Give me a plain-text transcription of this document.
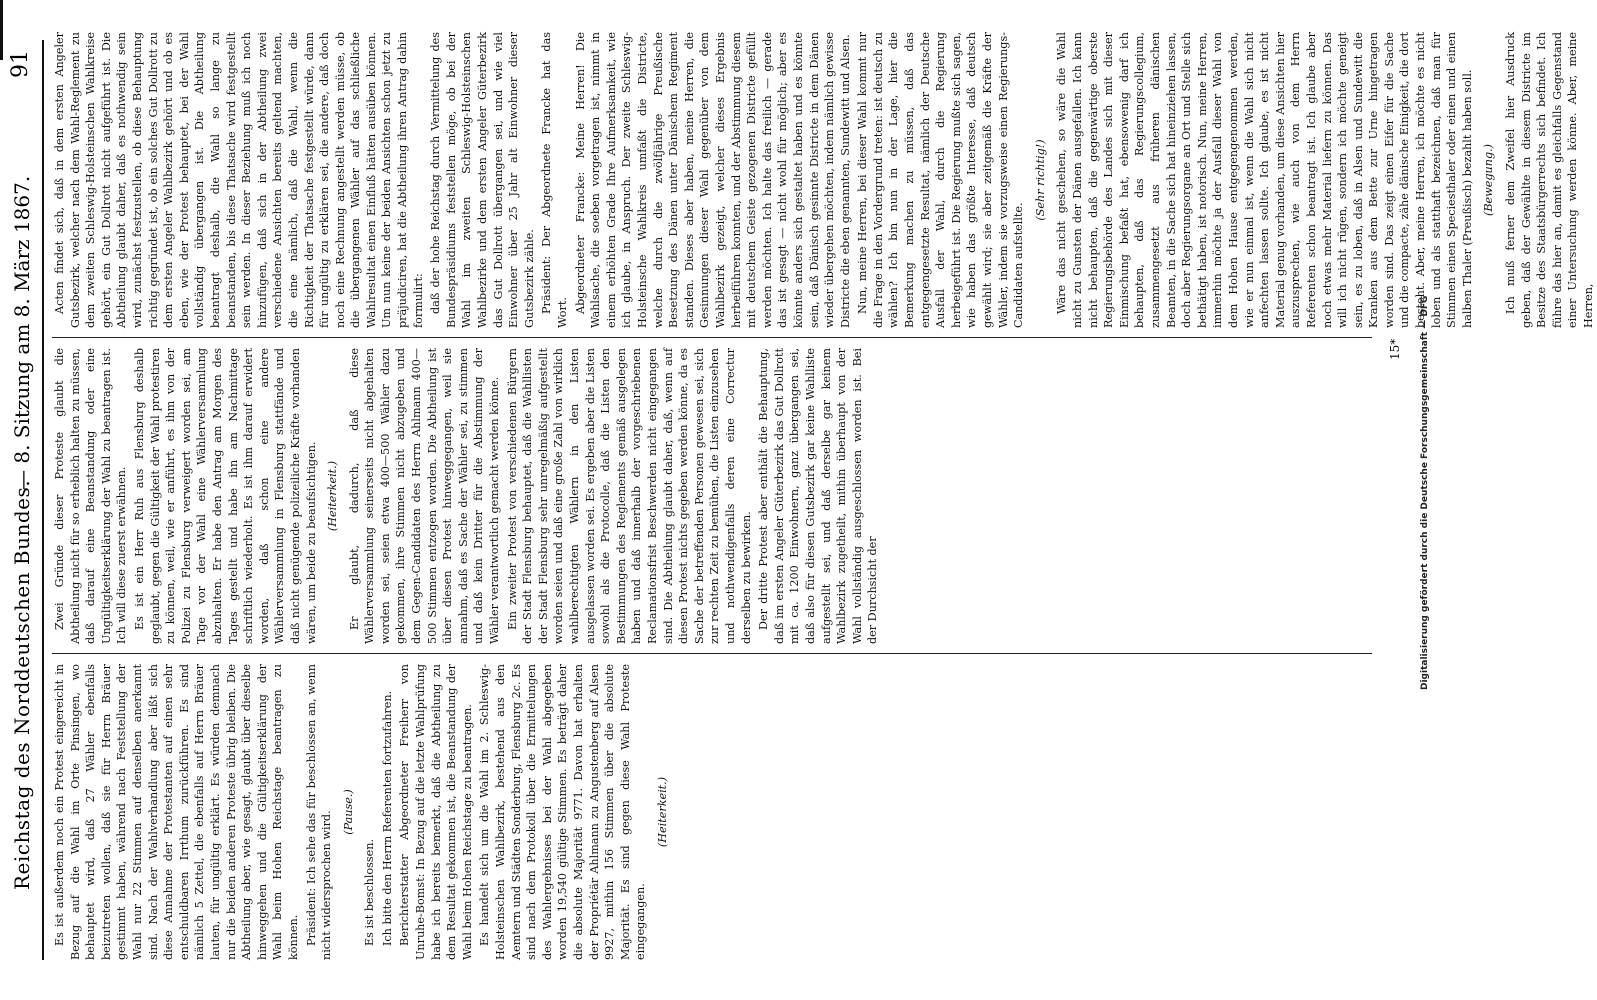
Reichstag des Norddeutschen Bundes.
— 8. Sitzung am 8. März 1867.
91

Es ist außerdem noch ein Protest eingereicht in Bezug auf die Wahl im Orte Pinsingen, wo behauptet wird, daß 27 Wähler ebenfalls beizutreten wollen, daß sie für Herrn Bräuer gestimmt haben, während nach Feststellung der Wahl nur 22 Stimmen auf denselben anerkannt sind. Nach der Wahlverhandlung aber läßt sich diese Annahme der Protestanten auf einen sehr entschuldbaren Irrthum zurückführen. Es sind nämlich 5 Zettel, die ebenfalls auf Herrn Bräuer lauten, für ungültig erklärt. Es würden demnach nur die beiden anderen Proteste übrig bleiben. Die Abtheilung aber, wie gesagt, glaubt über dieselbe hinweggehen und die Gültigkeitserklärung der Wahl beim Hohen Reichstage beantragen zu können. Präsident: Ich sehe das für beschlossen an, wenn nicht widersprochen wird. (Pause.)

Es ist beschlossen. Ich bitte den Herrn Referenten fortzufahren. Berichterstatter Abgeordneter Freiherr von Unruhe-Bomst: In Bezug auf die letzte Wahlprüfung habe ich bereits bemerkt, daß die Abtheilung zu dem Resultat gekommen ist, die Beanstandung der Wahl beim Hohen Reichstage zu beantragen. Es handelt sich um die Wahl im 2. Schleswig-Holsteinschen Wahlbezirk, bestehend aus den Aemtern und Städten Sonderburg, Flensburg 2c. Es sind nach dem Protokoll über die Ermittelungen des Wahlergebnisses bei der Wahl abgegeben worden 19,540 gültige Stimmen. Es beträgt daher die absolute Majorität 9771. Davon hat erhalten der Propriétär Ahlmann zu Angustenberg auf Alsen 9927, mithin 156 Stimmen über die absolute Majorität. Es sind gegen diese Wahl Proteste eingegangen.

(Heiterkeit.)

Zwei Gründe dieser Proteste glaubt die Abtheilung nicht für so erheblich halten zu müssen, daß darauf eine Beanstandung oder eine Ungültigkeitserklärung der Wahl zu beantragen ist. Ich will diese zuerst erwähnen. Es ist ein Herr Ruh aus Flensburg deshalb geglaubt, gegen die Gültigkeit der Wahl protestiren zu können, weil, wie er anführt, es ihm von der Polizei zu Flensburg verweigert worden sei, am Tage vor der Wahl eine Wählerversammlung abzuhalten. Er habe den Antrag am Morgen des Tages gestellt und habe ihn am Nachmittage schriftlich wiederholt. Es ist ihm darauf erwidert worden, daß schon eine andere Wählerversammlung in Flensburg stattfände und daß nicht genügende polizeiliche Kräfte vorhanden wären, um beide zu beaufsichtigen. (Heiterkeit.) Er glaubt, dadurch, daß diese Wählerversammlung seinerseits nicht abgehalten worden sei, seien etwa 400—500 Wähler dazu gekommen, ihre Stimmen nicht abzugeben und dem Gegen-Candidaten des Herrn Ahlmann 400—500 Stimmen entzogen worden. Die Abtheilung ist über diesen Protest hinweggegangen, weil sie annahm, daß es Sache der Wähler sei, zu stimmen und daß kein Dritter für die Abstimmung der Wähler verantwortlich gemacht werden könne. Ein zweiter Protest von verschiedenen Bürgern der Stadt Flensburg behauptet, daß die Wahllisten der Stadt Flensburg sehr unregelmäßig aufgestellt worden seien und daß eine große Zahl von wirklich wahlberechtigten Wählern in den Listen ausgelassen worden sei. Es ergeben aber die Listen sowohl als die Protocolle, daß die Listen den Bestimmungen des Reglements gemäß ausgelegen haben und daß innerhalb der vorgeschriebenen Reclamationsfrist Beschwerden nicht eingegangen sind. Die Abtheilung glaubt daher, daß, wenn auf diesen Protest nichts gegeben werden könne, da es Sache der betreffenden Personen gewesen sei, sich zur rechten Zeit zu bemühen, die Listen einzusehen und nothwendigenfalls deren eine Correctur derselben zu bewirken. Der dritte Protest aber enthält die Behauptung, daß im ersten Angeler Güterbezirk das Gut Dollrott mit ca. 1200 Einwohnern, ganz übergangen sei, daß also für diesen Gutsbezirk gar keine Wahlliste aufgestellt sei, und daß derselbe gar keinem Wahlbezirk zugetheilt, mithin überhaupt von der Wahl vollständig ausgeschlossen worden ist. Bei der Durchsicht der

Acten findet sich, daß in dem ersten Angeler Gutsbezirk, welcher nach dem Wahl-Reglement zu dem zweiten Schleswig-Holsteinschen Wahlkreise gehört, ein Gut Dollrott nicht aufgeführt ist. Die Abtheilung glaubt daher, daß es nothwendig sein wird, zunächst festzustellen, ob diese Behauptung richtig gegründet ist, ob ein solches Gut Dollrott zu dem ersten Angeler Wahlbezirk gehört und ob es eben, wie der Protest behauptet, bei der Wahl vollständig übergangen ist. Die Abtheilung beantragt deshalb, die Wahl so lange zu beanstanden, bis diese Thatsache wird festgestellt sein werden. In dieser Beziehung muß ich noch hinzufügen, daß sich in der Abtheilung zwei verschiedene Ansichten bereits geltend machten, die eine nämlich, daß die Wahl, wenn die Richtigkeit der Thatsache festgestellt würde, dann für ungültig zu erklären sei, die andere, daß doch noch eine Rechnung angestellt werden müsse, ob die übergangenen Wähler auf das schließliche Wahlresultat einen Einfluß hätten ausüben können. Um nun keine der beiden Ansichten schon jetzt zu präjudiciren, hat die Abtheilung ihren Antrag dahin formulirt: daß der hohe Reichstag durch Vermittelung des Bundespräsidiums feststellen möge, ob bei der Wahl im zweiten Schleswig-Holsteinschen Wahlbezirke und dem ersten Angeler Güterbezirk das Gut Dollrott übergangen sei, und wie viel Einwohner über 25 Jahr alt Einwohner dieser Gutsbezirk zähle. Präsident: Der Abgeordnete Francke hat das Wort. Abgeordneter Francke: Meine Herren! Die Wahlsache, die soeben vorgetragen ist, nimmt in einem erhöhten Grade Ihre Aufmerksamkeit, wie ich glaube, in Anspruch. Der zweite Schleswig-Holsteinsche Wahlkreis umfaßt die Districte, welche durch die zwölfjährige Preußische Besetzung des Dänen unter Dänischem Regiment standen. Dieses aber haben, meine Herren, die Gesinnungen dieser Wahl gegenüber von dem Wahlbezirk gezeigt, welcher dieses Ergebnis herbeiführen konnten, und der Abstimmung diesem mit deutschem Geiste gezogenen Districte gefüllt werden möchten. Ich halte das freilich — gerade das ist gesagt — nicht wohl für möglich; aber es könnte anders sich gestaltet haben und es könnte sein, daß Dänisch gesinnte Districte in dem Dänen wieder übergehen möchten, indem nämlich gewisse Districte die eben genannten, Sundewitt und Alsen. Nun, meine Herren, bei dieser Wahl kommt nur die Frage in den Vordergrund treten: ist deutsch zu wählen? Ich bin nun in der Lage, hier die Bemerkung machen zu müssen, daß das entgegengesetzte Resultat, nämlich der Deutsche Ausfall der Wahl, durch die Regierung herbeigeführt ist. Die Regierung mußte sich sagen, wie haben das größte Interesse, daß deutsch gewählt wird; sie aber zeitgemäß die Kräfte der Wähler, indem sie vorzugsweise einen Regierungs-Candidaten aufstellte.

(Sehr richtig!) Wäre das nicht geschehen, so wäre die Wahl nicht zu Gunsten der Dänen ausgefallen. Ich kann nicht behaupten, daß die gegenwärtige oberste Regierungsbehörde des Landes sich mit dieser Einmischung befaßt hat, ebensowenig darf ich behaupten, daß das Regierungscollegium, zusammengesetzt aus früheren dänischen Beamten, in die Sache sich hat hineinziehen lassen, doch aber Regierungsorgane an Ort und Stelle sich bethätigt haben, ist notorisch. Nun, meine Herren, immerhin möchte ja der Ausfall dieser Wahl von dem Hohen Hause entgegengenommen werden, wie er nun einmal ist, wenn die Wahl sich nicht anfechten lassen sollte. Ich glaube, es ist nicht Material genug vorhanden, um diese Ansichten hier auszusprechen, wie auch von dem Herrn Referenten schon beantragt ist. Ich glaube aber noch etwas mehr Material liefern zu können. Das will ich nicht rügen, sondern ich möchte geneigt sein, es zu loben, daß in Alsen und Sundewitt die Kranken aus dem Bette zur Urne hingetragen worden sind. Das zeigt einen Eifer für die Sache und die compacte, zähe dänische Einigkeit, die dort besteht. Aber, meine Herren, ich möchte es nicht loben und als statthaft bezeichnen, daß man für Stimmen einen Speciesthaler oder einen und einen halben Thaler (Preußisch) bezahlt haben soll. (Bewegung.) Ich muß ferner dem Zweifel hier Ausdruck geben, daß der Gewählte in diesem Districte im Besitze des Staatsbürgerrechts sich befindet. Ich führe das hier an, damit es gleichfalls Gegenstand einer Untersuchung werden könne. Aber, meine Herren,

15* Digitalisierung gefördert durch die Deutsche Forschungsgemeinschaft — DFG
